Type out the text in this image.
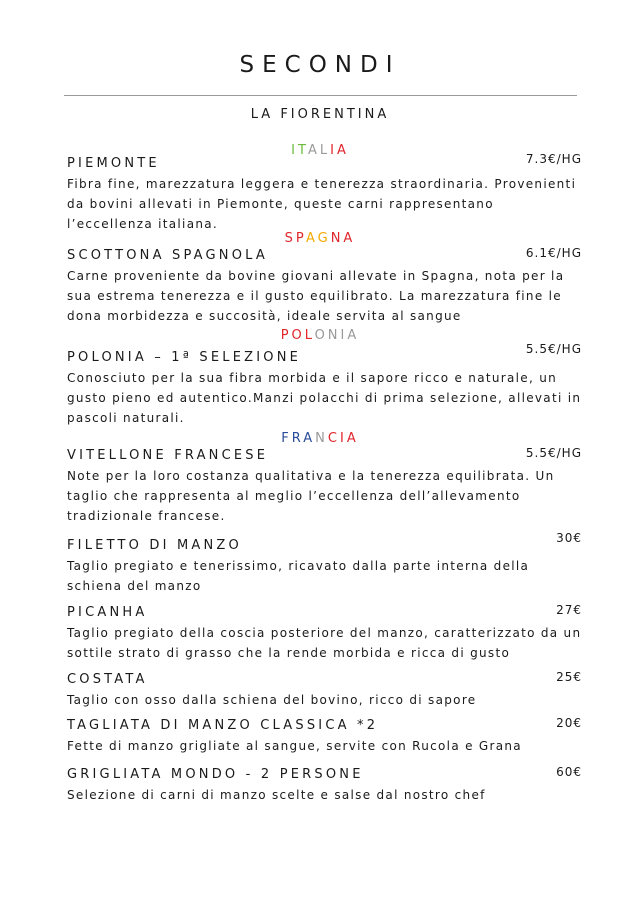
SECONDI
LA FIORENTINA
ITALIA
SPAGNA
POLONIA
FRANCIA
7.3€/HG
PIEMONTE
Fibra fine, marezzatura leggera e tenerezza straordinaria. Provenienti da bovini allevati in Piemonte, queste carni rappresentano l’eccellenza italiana.
6.1€/HG
SCOTTONA SPAGNOLA
Carne proveniente da bovine giovani allevate in Spagna, nota per la sua estrema tenerezza e il gusto equilibrato. La marezzatura fine le dona morbidezza e succosità, ideale servita al sangue
5.5€/HG
POLONIA – 1ª SELEZIONE
Conosciuto per la sua fibra morbida e il sapore ricco e naturale, un gusto pieno ed autentico.Manzi polacchi di prima selezione, allevati in pascoli naturali.
5.5€/HG
VITELLONE FRANCESE
Note per la loro costanza qualitativa e la tenerezza equilibrata. Un taglio che rappresenta al meglio l’eccellenza dell’allevamento tradizionale francese.
30€
FILETTO DI MANZO
Taglio pregiato e tenerissimo, ricavato dalla parte interna della schiena del manzo
27€
PICANHA
Taglio pregiato della coscia posteriore del manzo, caratterizzato da un sottile strato di grasso che la rende morbida e ricca di gusto
25€
COSTATA
Taglio con osso dalla schiena del bovino, ricco di sapore
20€
TAGLIATA DI MANZO CLASSICA *2
Fette di manzo grigliate al sangue, servite con Rucola e Grana
60€
GRIGLIATA MONDO - 2 PERSONE
Selezione di carni di manzo scelte e salse dal nostro chef
